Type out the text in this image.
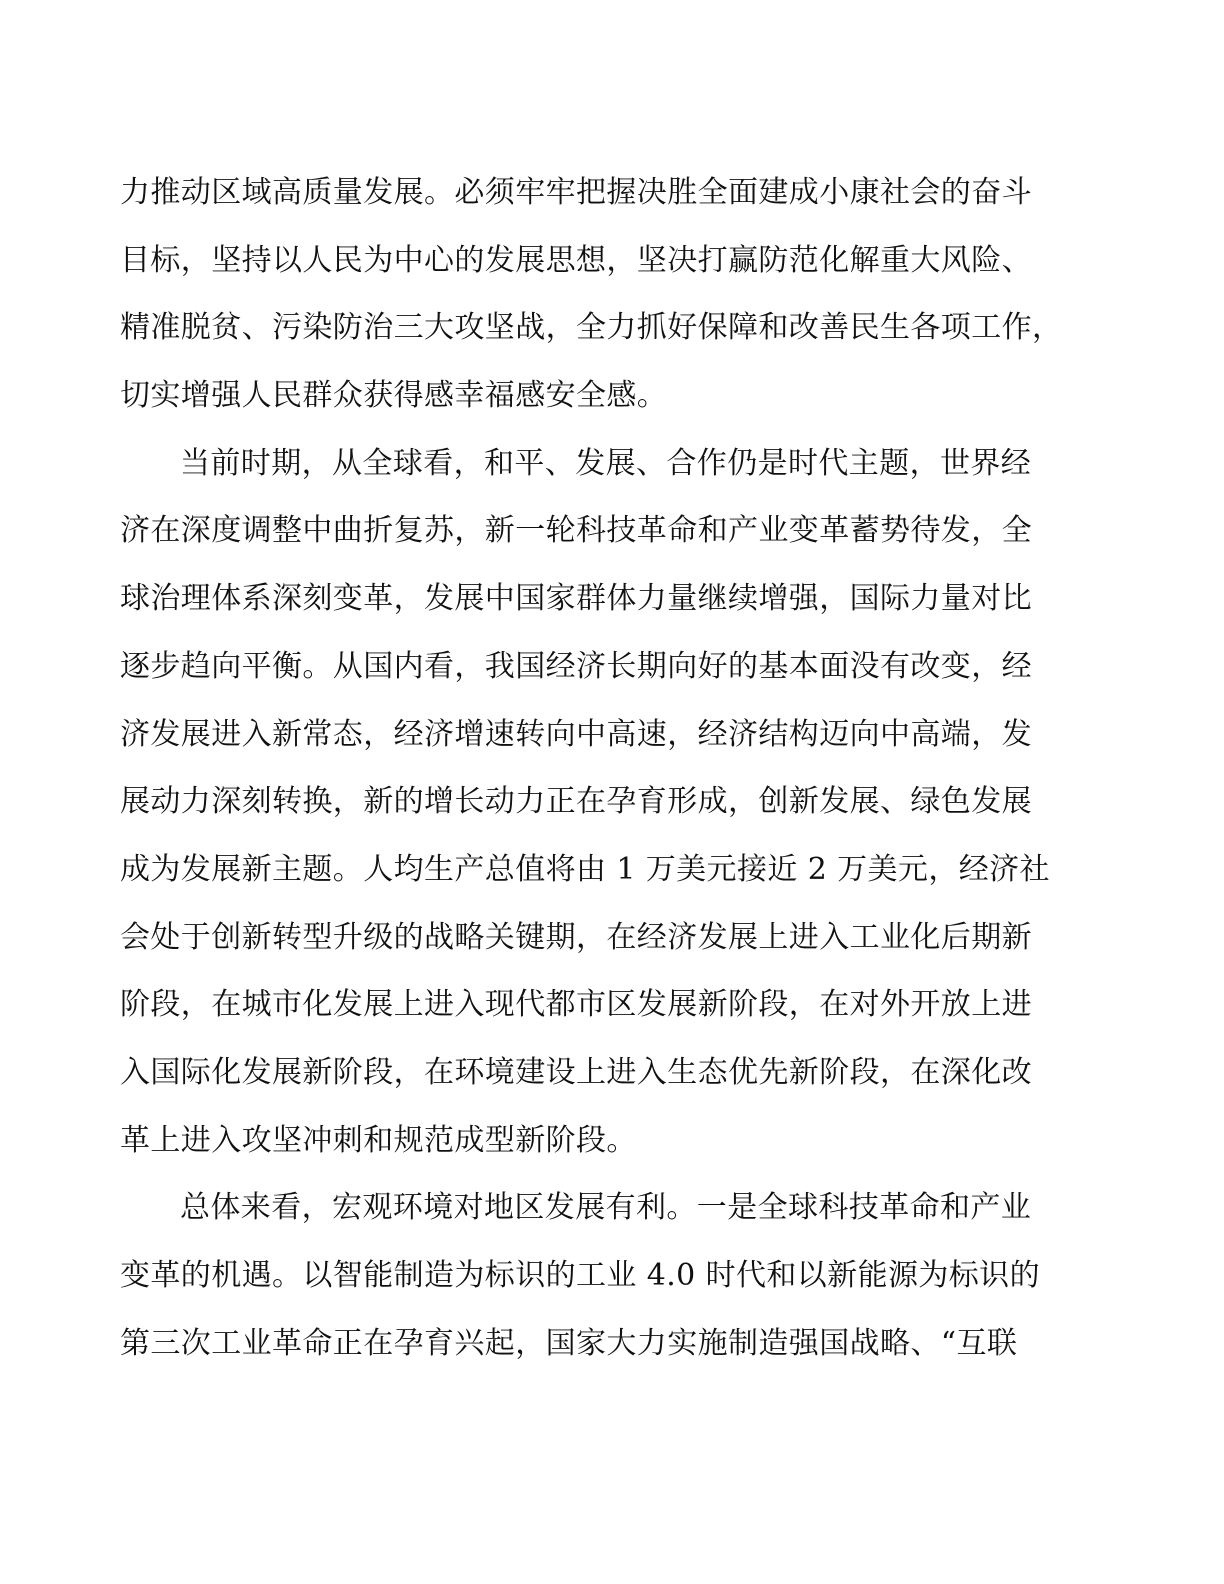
力推动区域高质量发展。必须牢牢把握决胜全面建成小康社会的奋斗
目标，坚持以人民为中心的发展思想，坚决打赢防范化解重大风险、
精准脱贫、污染防治三大攻坚战，全力抓好保障和改善民生各项工作，
切实增强人民群众获得感幸福感安全感。
当前时期，从全球看，和平、发展、合作仍是时代主题，世界经
济在深度调整中曲折复苏，新一轮科技革命和产业变革蓄势待发，全
球治理体系深刻变革，发展中国家群体力量继续增强，国际力量对比
逐步趋向平衡。从国内看，我国经济长期向好的基本面没有改变，经
济发展进入新常态，经济增速转向中高速，经济结构迈向中高端，发
展动力深刻转换，新的增长动力正在孕育形成，创新发展、绿色发展
成为发展新主题。人均生产总值将由 1 万美元接近 2 万美元，经济社
会处于创新转型升级的战略关键期，在经济发展上进入工业化后期新
阶段，在城市化发展上进入现代都市区发展新阶段，在对外开放上进
入国际化发展新阶段，在环境建设上进入生态优先新阶段，在深化改
革上进入攻坚冲刺和规范成型新阶段。
总体来看，宏观环境对地区发展有利。一是全球科技革命和产业
变革的机遇。以智能制造为标识的工业 4.0 时代和以新能源为标识的
第三次工业革命正在孕育兴起，国家大力实施制造强国战略、“互联
